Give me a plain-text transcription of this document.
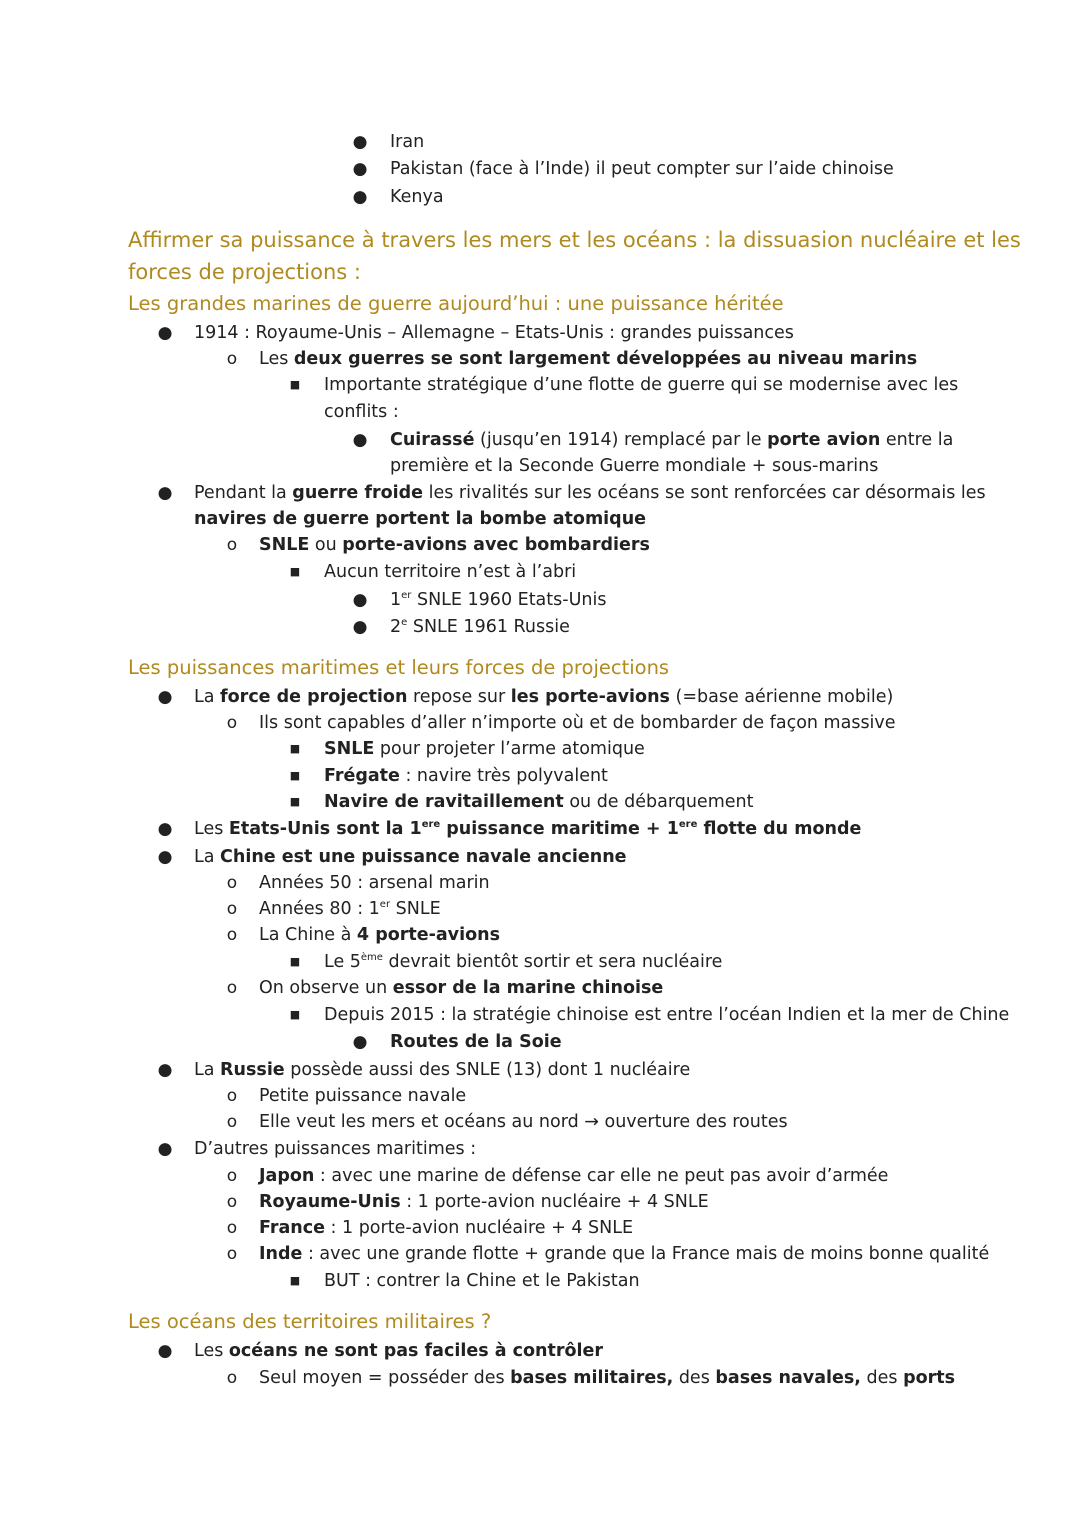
● Iran
● Pakistan (face à l’Inde) il peut compter sur l’aide chinoise
● Kenya
Affirmer sa puissance à travers les mers et les océans : la dissuasion nucléaire et les
forces de projections :
Les grandes marines de guerre aujourd’hui : une puissance héritée
● 1914 : Royaume-Unis – Allemagne – Etats-Unis : grandes puissances
o Les deux guerres se sont largement développées au niveau marins
■ Importante stratégique d’une flotte de guerre qui se modernise avec les
conflits :
● Cuirassé (jusqu’en 1914) remplacé par le porte avion entre la
première et la Seconde Guerre mondiale + sous-marins
● Pendant la guerre froide les rivalités sur les océans se sont renforcées car désormais les
navires de guerre portent la bombe atomique
o SNLE ou porte-avions avec bombardiers
■ Aucun territoire n’est à l’abri
● 1er SNLE 1960 Etats-Unis
● 2e SNLE 1961 Russie
Les puissances maritimes et leurs forces de projections
● La force de projection repose sur les porte-avions (=base aérienne mobile)
o Ils sont capables d’aller n’importe où et de bombarder de façon massive
■ SNLE pour projeter l’arme atomique
■ Frégate : navire très polyvalent
■ Navire de ravitaillement ou de débarquement
● Les Etats-Unis sont la 1ere puissance maritime + 1ere flotte du monde
● La Chine est une puissance navale ancienne
o Années 50 : arsenal marin
o Années 80 : 1er SNLE
o La Chine à 4 porte-avions
■ Le 5ème devrait bientôt sortir et sera nucléaire
o On observe un essor de la marine chinoise
■ Depuis 2015 : la stratégie chinoise est entre l’océan Indien et la mer de Chine
● Routes de la Soie
● La Russie possède aussi des SNLE (13) dont 1 nucléaire
o Petite puissance navale
o Elle veut les mers et océans au nord → ouverture des routes
● D’autres puissances maritimes :
o Japon : avec une marine de défense car elle ne peut pas avoir d’armée
o Royaume-Unis : 1 porte-avion nucléaire + 4 SNLE
o France : 1 porte-avion nucléaire + 4 SNLE
o Inde : avec une grande flotte + grande que la France mais de moins bonne qualité
■ BUT : contrer la Chine et le Pakistan
Les océans des territoires militaires ?
● Les océans ne sont pas faciles à contrôler
o Seul moyen = posséder des bases militaires, des bases navales, des ports
